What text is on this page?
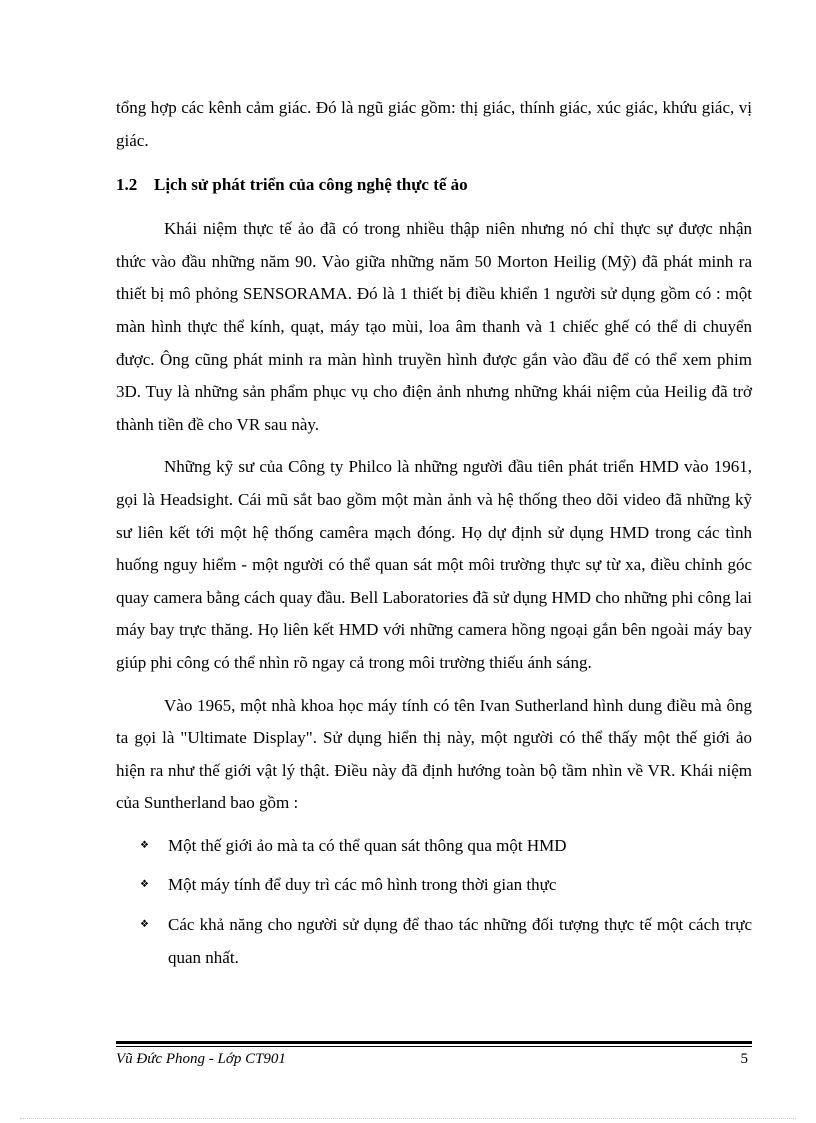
tổng hợp các kênh cảm giác. Đó là ngũ giác gồm: thị giác, thính giác, xúc giác, khứu giác, vị giác.

1.2 Lịch sử phát triển của công nghệ thực tế ảo

Khái niệm thực tế ảo đã có trong nhiều thập niên nhưng nó chỉ thực sự được nhận thức vào đầu những năm 90. Vào giữa những năm 50 Morton Heilig (Mỹ) đã phát minh ra thiết bị mô phỏng SENSORAMA. Đó là 1 thiết bị điều khiển 1 người sử dụng gồm có : một màn hình thực thể kính, quạt, máy tạo mùi, loa âm thanh và 1 chiếc ghế có thể di chuyển được. Ông cũng phát minh ra màn hình truyền hình được gắn vào đầu để có thể xem phim 3D. Tuy là những sản phẩm phục vụ cho điện ảnh nhưng những khái niệm của Heilig đã trở thành tiền đề cho VR sau này.

Những kỹ sư của Công ty Philco là những người đầu tiên phát triển HMD vào 1961, gọi là Headsight. Cái mũ sắt bao gồm một màn ảnh và hệ thống theo dõi video đã những kỹ sư liên kết tới một hệ thống camêra mạch đóng. Họ dự định sử dụng HMD trong các tình huống nguy hiểm - một người có thể quan sát một môi trường thực sự từ xa, điều chỉnh góc quay camera bằng cách quay đầu. Bell Laboratories đã sử dụng HMD cho những phi công lai máy bay trực thăng. Họ liên kết HMD với những camera hồng ngoại gắn bên ngoài máy bay giúp phi công có thể nhìn rõ ngay cả trong môi trường thiếu ánh sáng.

Vào 1965, một nhà khoa học máy tính có tên Ivan Sutherland hình dung điều mà ông ta gọi là "Ultimate Display". Sử dụng hiển thị này, một người có thể thấy một thế giới ảo hiện ra như thế giới vật lý thật. Điều này đã định hướng toàn bộ tầm nhìn về VR. Khái niệm của Suntherland bao gồm :

❖ Một thế giới ảo mà ta có thể quan sát thông qua một HMD
❖ Một máy tính để duy trì các mô hình trong thời gian thực
❖ Các khả năng cho người sử dụng để thao tác những đối tượng thực tế một cách trực quan nhất.
Vũ Đức Phong - Lớp CT901	5
